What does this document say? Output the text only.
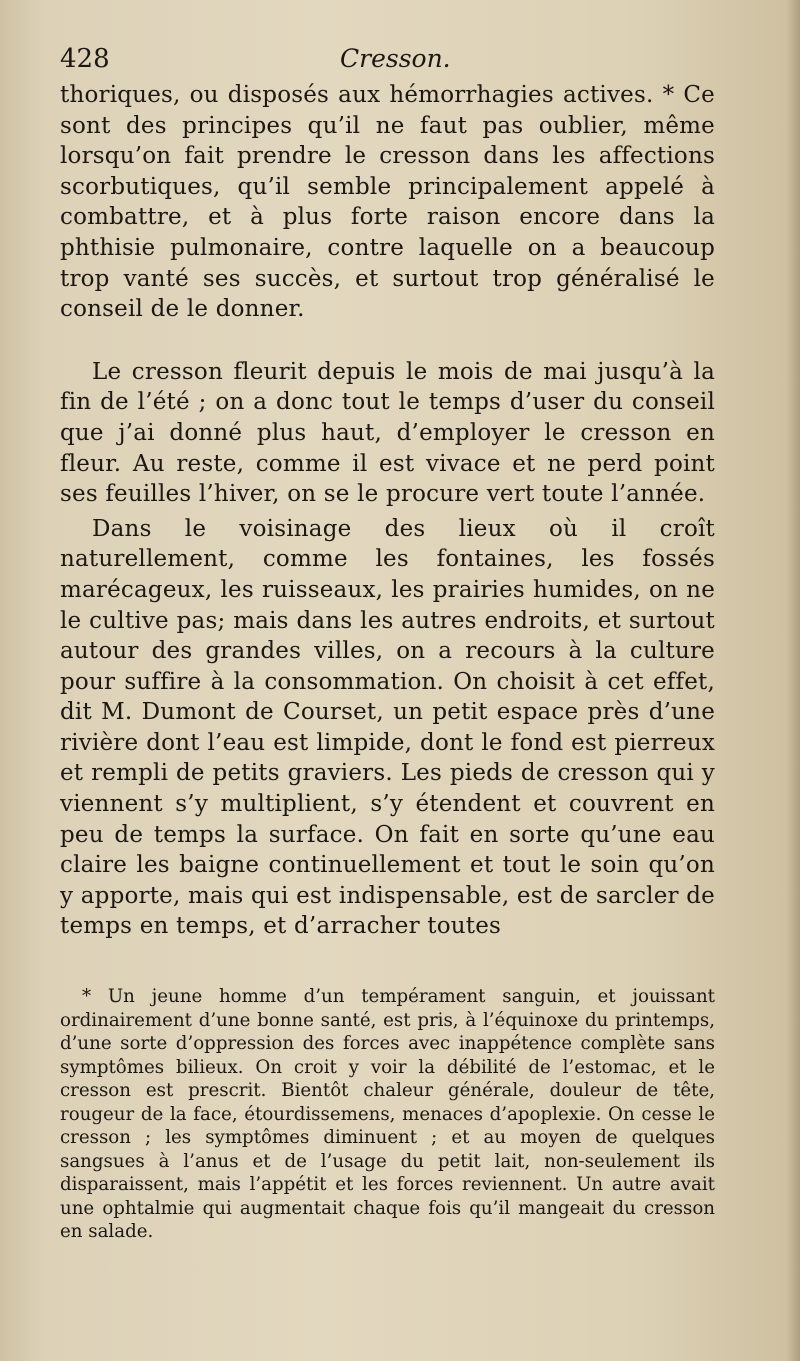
428	Cresson.

thoriques, ou disposés aux hémorrhagies actives. * Ce sont des principes qu’il ne faut pas oublier, même lorsqu’on fait prendre le cresson dans les affections scorbutiques, qu’il semble principalement appelé à combattre, et à plus forte raison encore dans la phthisie pulmonaire, contre laquelle on a beaucoup trop vanté ses succès, et surtout trop généralisé le conseil de le donner.

Le cresson fleurit depuis le mois de mai jusqu’à la fin de l’été ; on a donc tout le temps d’user du conseil que j’ai donné plus haut, d’employer le cresson en fleur. Au reste, comme il est vivace et ne perd point ses feuilles l’hiver, on se le procure vert toute l’année.

Dans le voisinage des lieux où il croît naturellement, comme les fontaines, les fossés marécageux, les ruisseaux, les prairies humides, on ne le cultive pas; mais dans les autres endroits, et surtout autour des grandes villes, on a recours à la culture pour suffire à la consommation. On choisit à cet effet, dit M. Dumont de Courset, un petit espace près d’une rivière dont l’eau est limpide, dont le fond est pierreux et rempli de petits graviers. Les pieds de cresson qui y viennent s’y multiplient, s’y étendent et couvrent en peu de temps la surface. On fait en sorte qu’une eau claire les baigne continuellement et tout le soin qu’on y apporte, mais qui est indispensable, est de sarcler de temps en temps, et d’arracher toutes

* Un jeune homme d’un tempérament sanguin, et jouissant ordinairement d’une bonne santé, est pris, à l’équinoxe du printemps, d’une sorte d’oppression des forces avec inappétence complète sans symptômes bilieux. On croit y voir la débilité de l’estomac, et le cresson est prescrit. Bientôt chaleur générale, douleur de tête, rougeur de la face, étourdissemens, menaces d’apoplexie. On cesse le cresson ; les symptômes diminuent ; et au moyen de quelques sangsues à l’anus et de l’usage du petit lait, non-seulement ils disparaissent, mais l’appétit et les forces reviennent. Un autre avait une ophtalmie qui augmentait chaque fois qu’il mangeait du cresson en salade.
